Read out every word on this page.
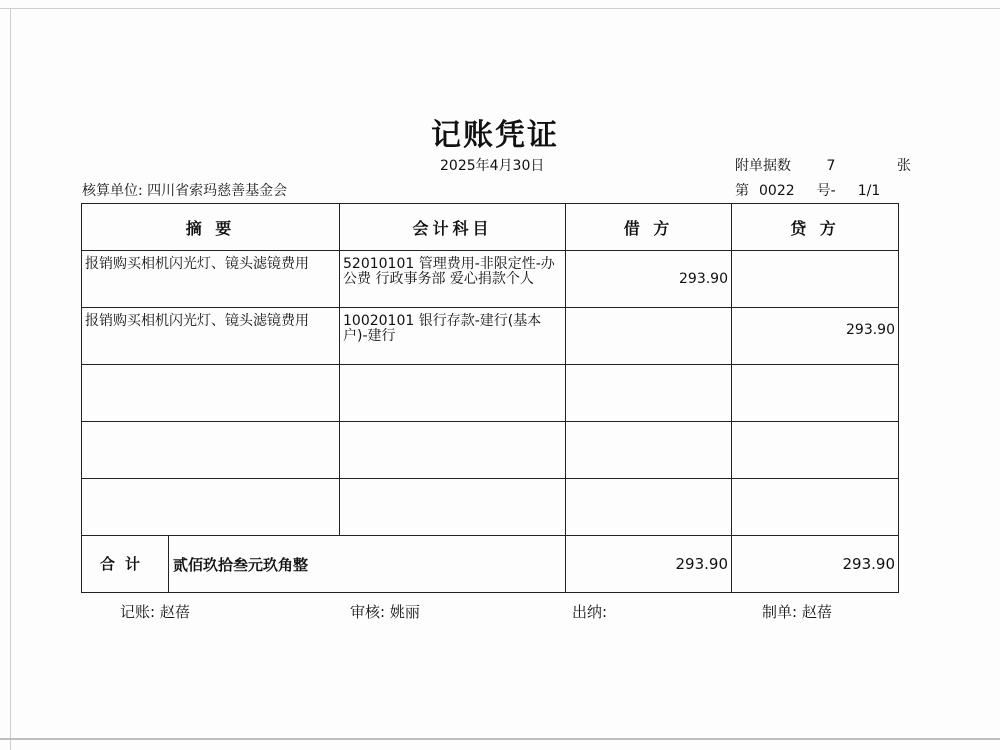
记账凭证
2025年4月30日	附单据数	7	张
核算单位: 四川省索玛慈善基金会	第 0022 号- 1/1
摘 要	会计科目	借 方	贷 方

报销购买相机闪光灯、镜头滤镜费用	52010101 管理费用-非限定性-办公费 行政事务部 爱心捐款个人	293.90	

报销购买相机闪光灯、镜头滤镜费用	10020101 银行存款-建行(基本户)-建行		293.90

合计 贰佰玖拾叁元玖角整		293.90	293.90
记账: 赵蓓	审核: 姚丽	出纳:	制单: 赵蓓
